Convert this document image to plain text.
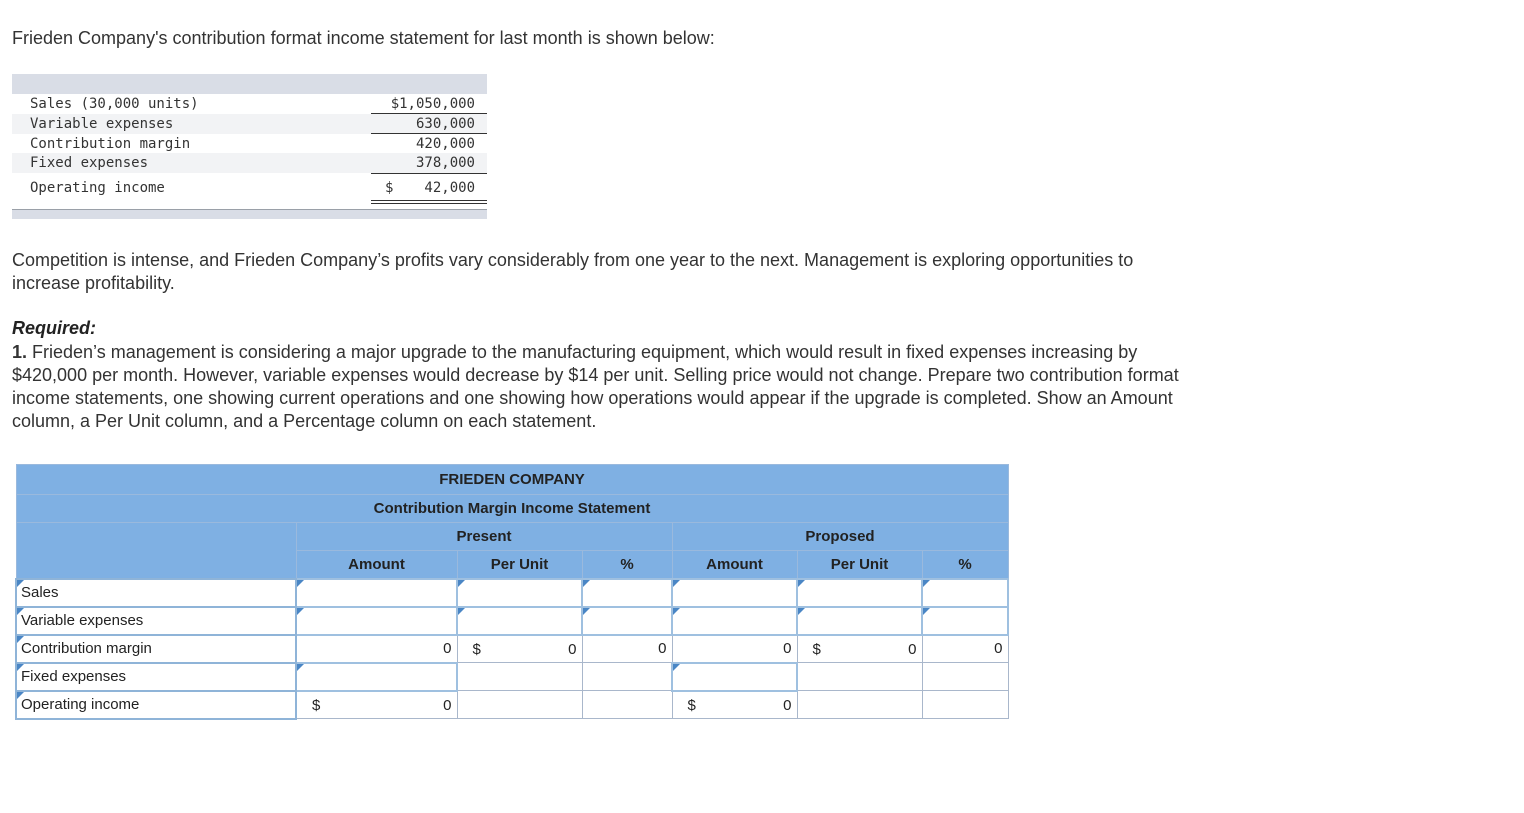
Frieden Company's contribution format income statement for last month is shown below:
Sales (30,000 units)	$1,050,000
Variable expenses	630,000
Contribution margin	420,000
Fixed expenses	378,000
Operating income	$ 42,000
Competition is intense, and Frieden Company’s profits vary considerably from one year to the next. Management is exploring opportunities to increase profitability.
Required:
1. Frieden’s management is considering a major upgrade to the manufacturing equipment, which would result in fixed expenses increasing by $420,000 per month. However, variable expenses would decrease by $14 per unit. Selling price would not change. Prepare two contribution format income statements, one showing current operations and one showing how operations would appear if the upgrade is completed. Show an Amount column, a Per Unit column, and a Percentage column on each statement.
FRIEDEN COMPANY						
Contribution Margin Income Statement						
	Present			Proposed		
	Amount	Per Unit	%	Amount	Per Unit	%

Sales	

Variable expenses	

Contribution margin	0	$ 0	0	0	$ 0	0

Fixed expenses	

Operating income	$ 0			$ 0		
